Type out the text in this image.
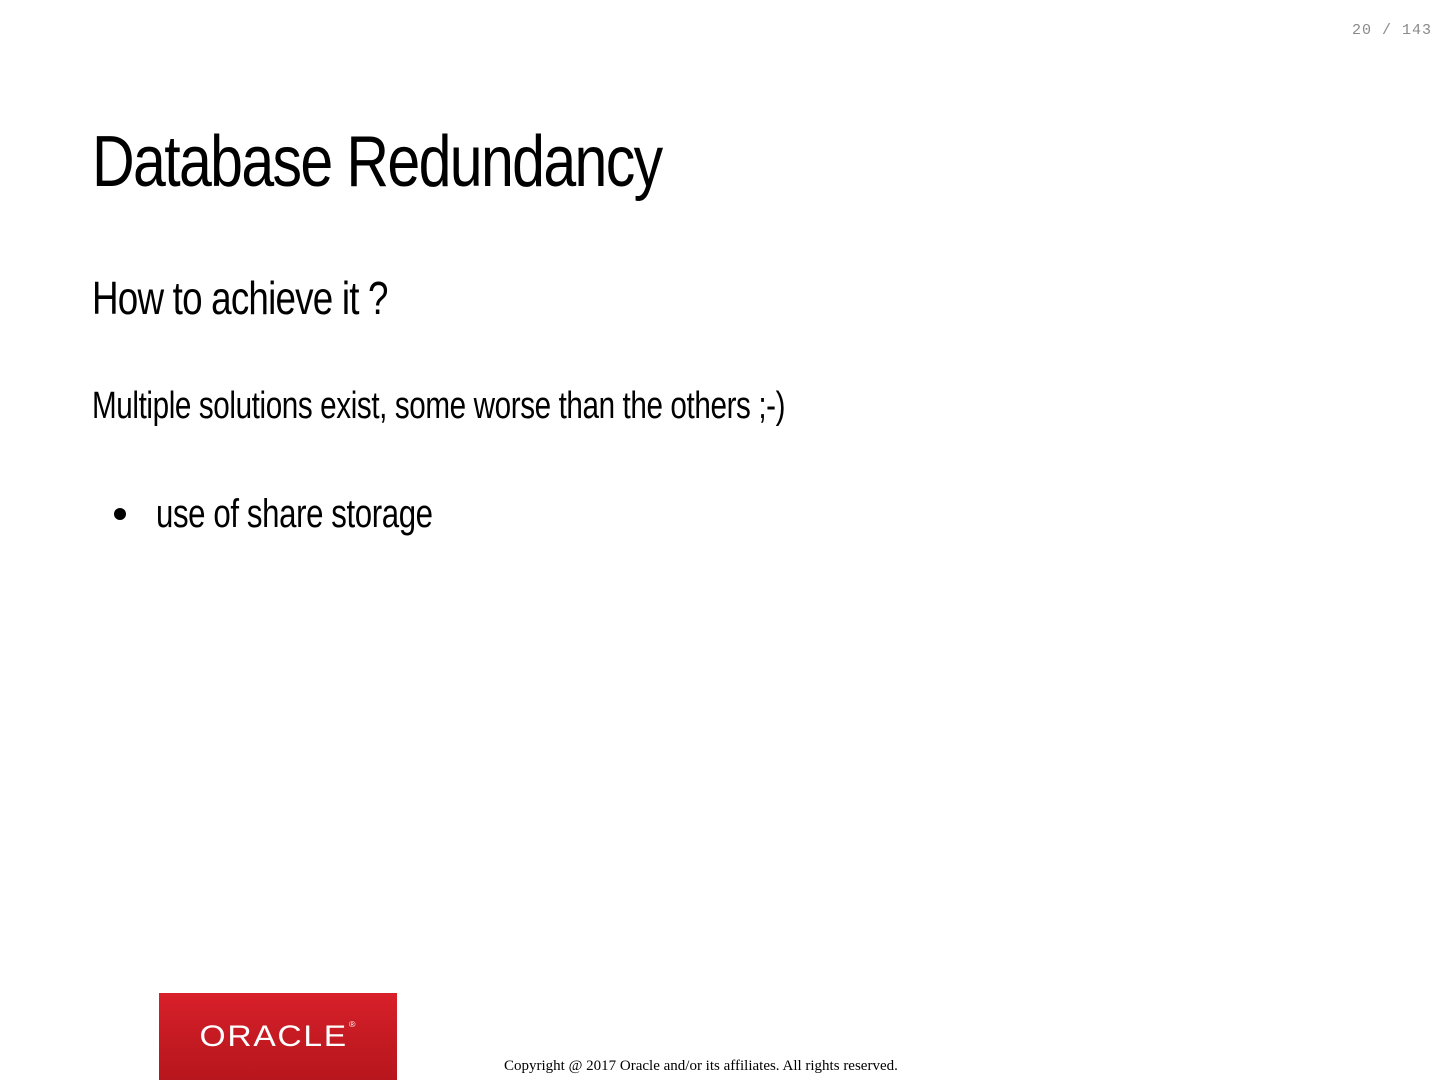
20 / 143
Database Redundancy
How to achieve it ?

Multiple solutions exist, some worse than the others ;-)

use of share storage
ORACLE®
Copyright @ 2017 Oracle and/or its affiliates. All rights reserved.
